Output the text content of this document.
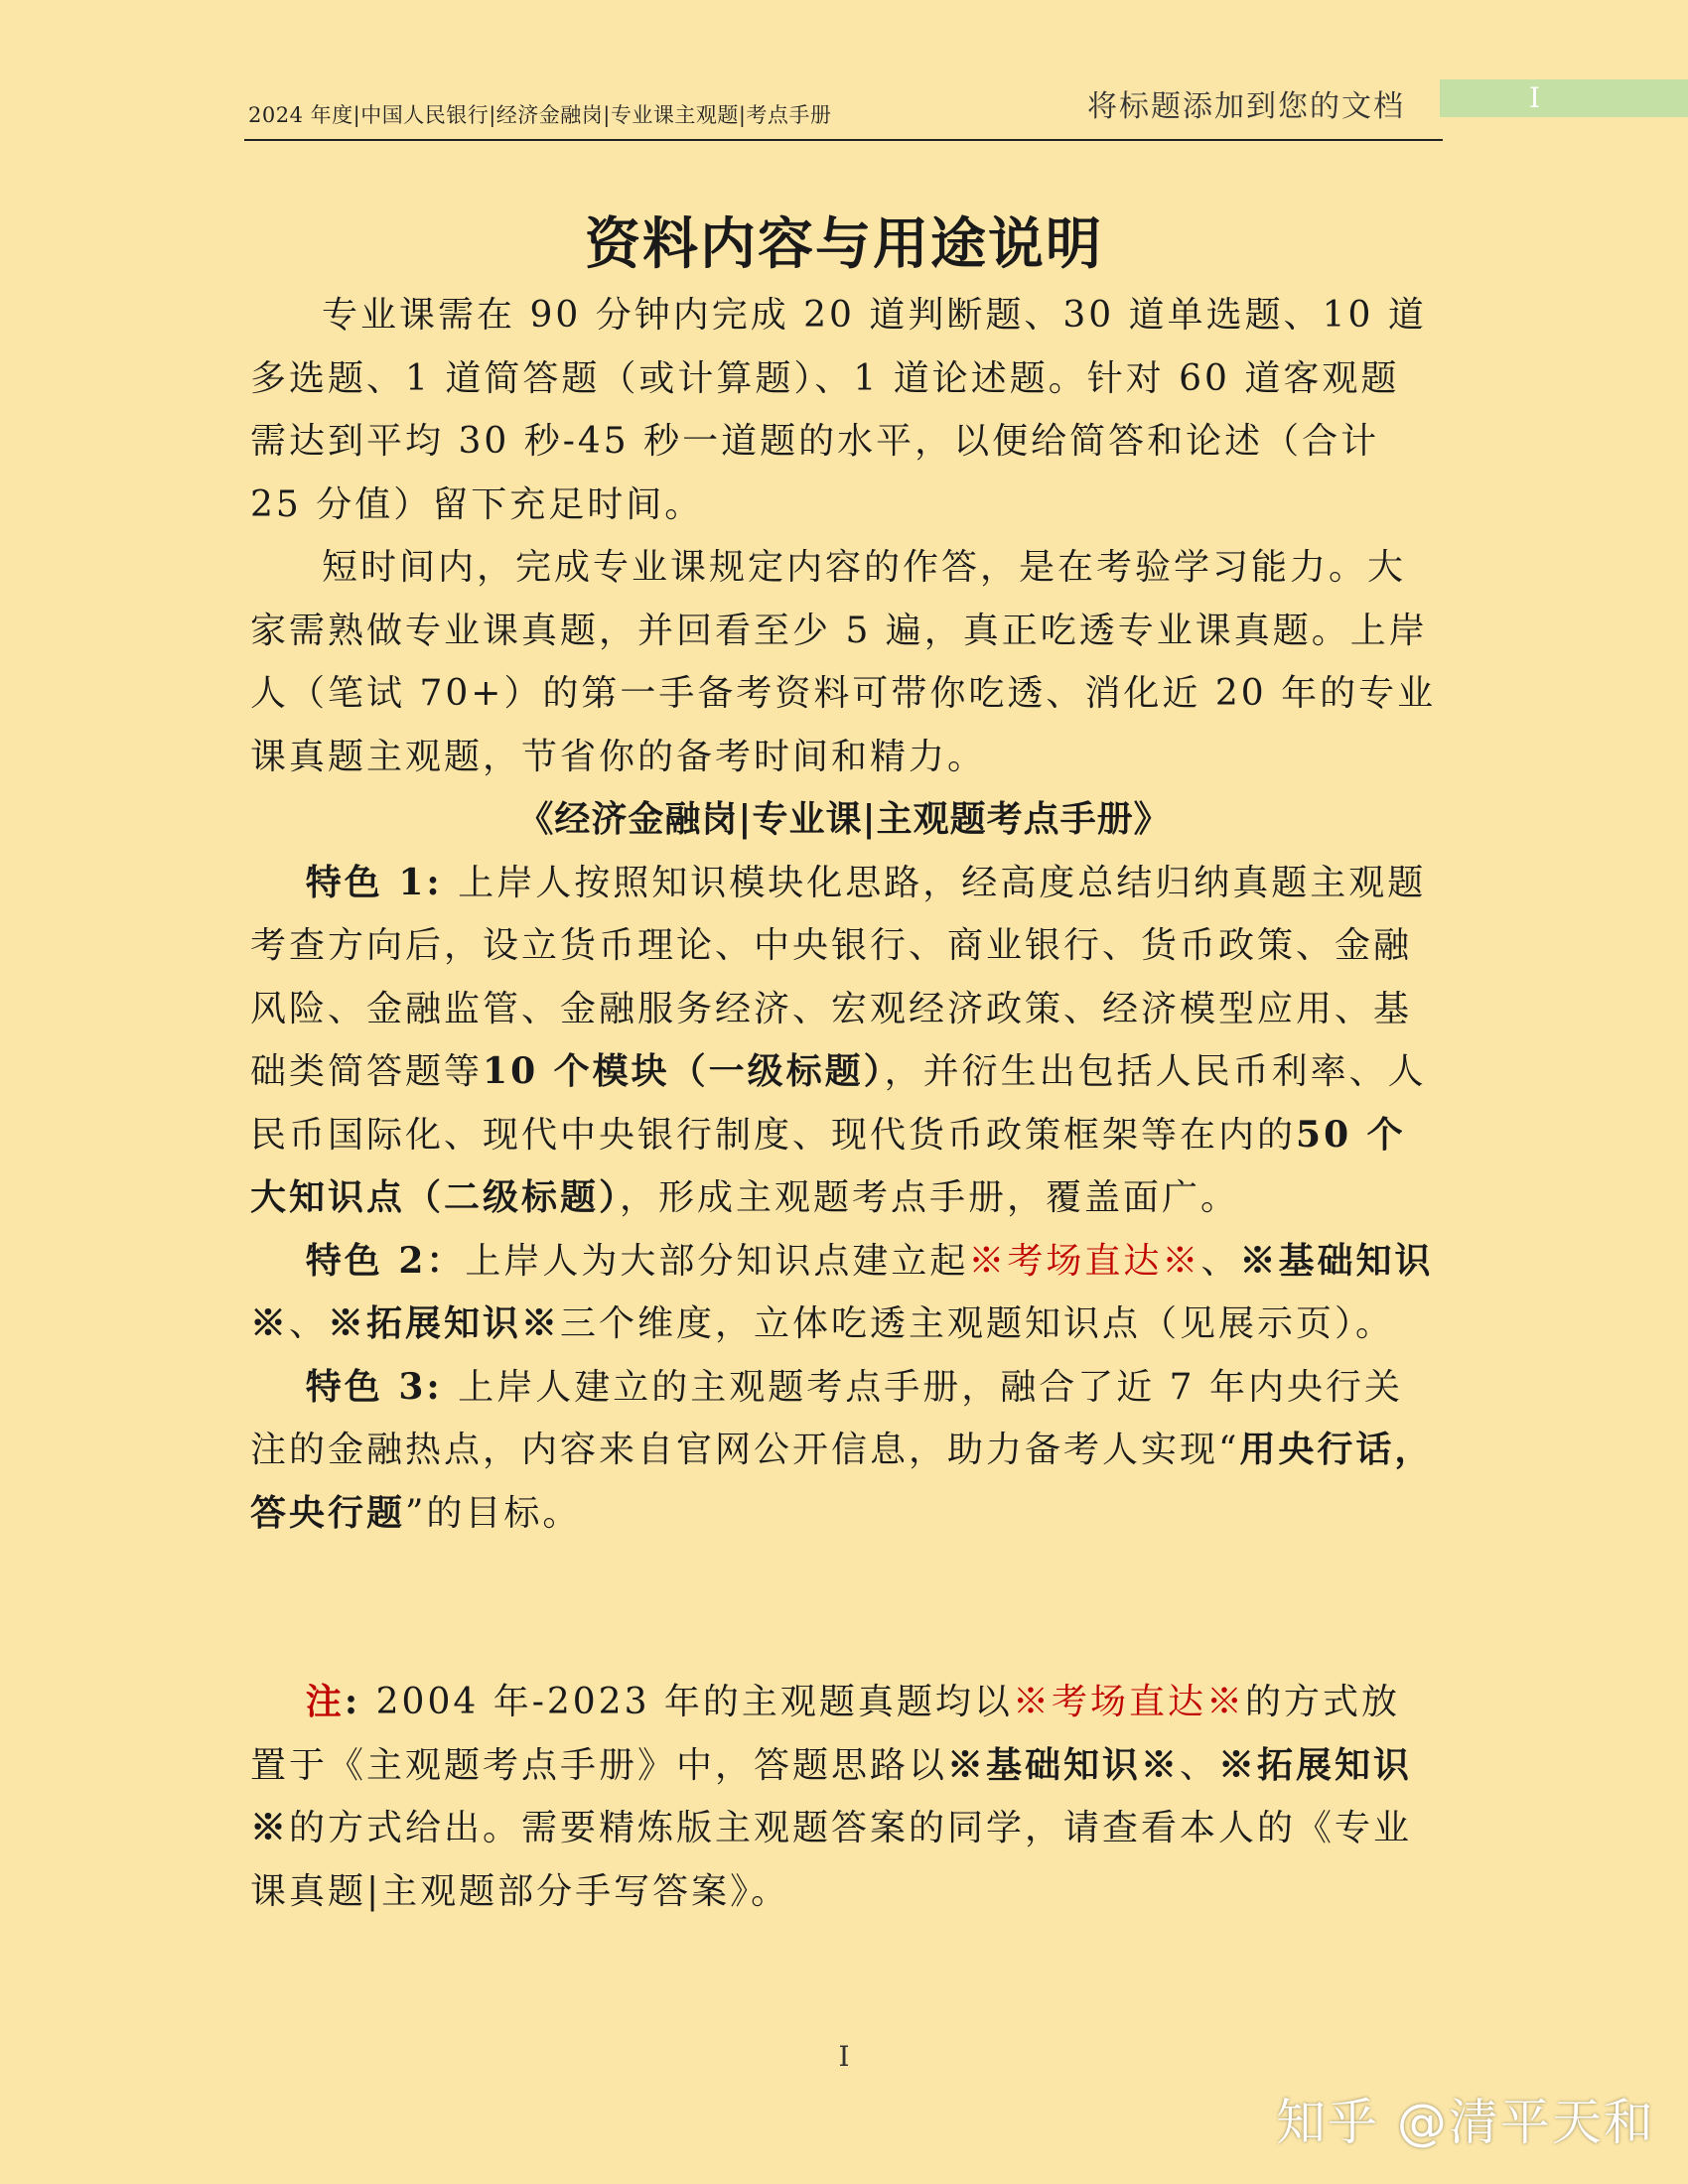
2024 年度|中国人民银行|经济金融岗|专业课主观题|考点手册	将标题添加到您的文档	I
资料内容与用途说明

专业课需在 90 分钟内完成 20 道判断题、30 道单选题、10 道多选题、1 道简答题（或计算题）、1 道论述题。针对 60 道客观题需达到平均 30 秒-45 秒一道题的水平，以便给简答和论述（合计 25 分值）留下充足时间。

短时间内，完成专业课规定内容的作答，是在考验学习能力。大家需熟做专业课真题，并回看至少 5 遍，真正吃透专业课真题。上岸人（笔试 70+）的第一手备考资料可带你吃透、消化近 20 年的专业课真题主观题，节省你的备考时间和精力。

《经济金融岗|专业课|主观题考点手册》

特色 1: 上岸人按照知识模块化思路，经高度总结归纳真题主观题考查方向后，设立货币理论、中央银行、商业银行、货币政策、金融风险、金融监管、金融服务经济、宏观经济政策、经济模型应用、基础类简答题等10 个模块（一级标题），并衍生出包括人民币利率、人民币国际化、现代中央银行制度、现代货币政策框架等在内的50 个大知识点（二级标题），形成主观题考点手册，覆盖面广。

特色 2：上岸人为大部分知识点建立起※考场直达※、※基础知识※、※拓展知识※三个维度，立体吃透主观题知识点（见展示页）。

特色 3: 上岸人建立的主观题考点手册，融合了近 7 年内央行关注的金融热点，内容来自官网公开信息，助力备考人实现“用央行话，答央行题”的目标。

注: 2004 年-2023 年的主观题真题均以※考场直达※的方式放置于《主观题考点手册》中，答题思路以※基础知识※、※拓展知识※的方式给出。需要精炼版主观题答案的同学，请查看本人的《专业课真题|主观题部分手写答案》。

I
知乎 @清平天和
